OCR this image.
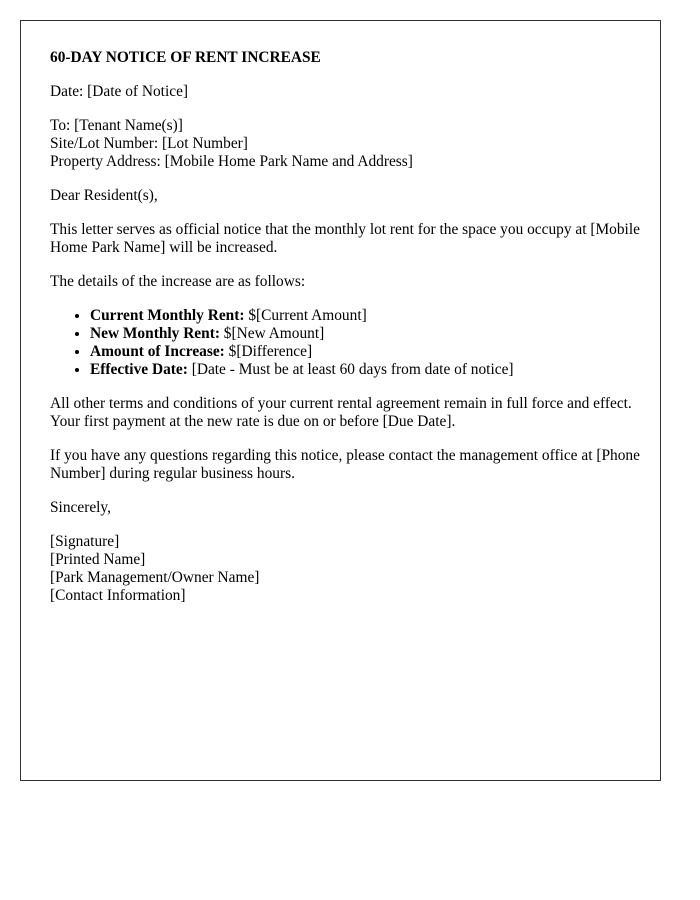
60-DAY NOTICE OF RENT INCREASE

Date: [Date of Notice]

To: [Tenant Name(s)]
Site/Lot Number: [Lot Number]
Property Address: [Mobile Home Park Name and Address]

Dear Resident(s),

This letter serves as official notice that the monthly lot rent for the space you occupy at [Mobile Home Park Name] will be increased.

The details of the increase are as follows:

• Current Monthly Rent: $[Current Amount]
• New Monthly Rent: $[New Amount]
• Amount of Increase: $[Difference]
• Effective Date: [Date - Must be at least 60 days from date of notice]

All other terms and conditions of your current rental agreement remain in full force and effect. Your first payment at the new rate is due on or before [Due Date].

If you have any questions regarding this notice, please contact the management office at [Phone Number] during regular business hours.

Sincerely,

[Signature]
[Printed Name]
[Park Management/Owner Name]
[Contact Information]
